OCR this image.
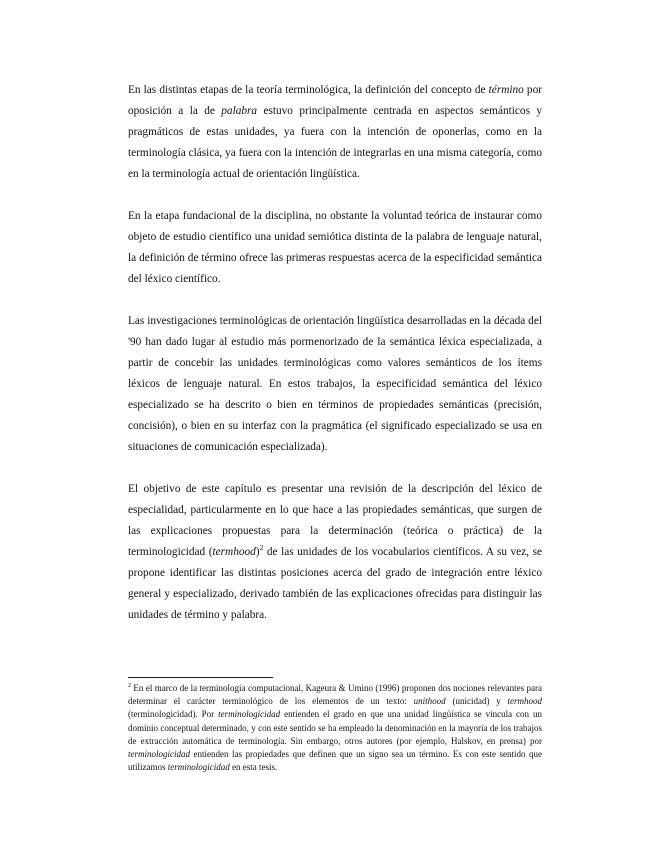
En las distintas etapas de la teoría terminológica, la definición del concepto de término por oposición a la de palabra estuvo principalmente centrada en aspectos semánticos y pragmáticos de estas unidades, ya fuera con la intención de oponerlas, como en la terminología clásica, ya fuera con la intención de integrarlas en una misma categoría, como en la terminología actual de orientación lingüística.

En la etapa fundacional de la disciplina, no obstante la voluntad teórica de instaurar como objeto de estudio científico una unidad semiótica distinta de la palabra de lenguaje natural, la definición de término ofrece las primeras respuestas acerca de la especificidad semántica del léxico científico.

Las investigaciones terminológicas de orientación lingüística desarrolladas en la década del '90 han dado lugar al estudio más pormenorizado de la semántica léxica especializada, a partir de concebir las unidades terminológicas como valores semánticos de los ítems léxicos de lenguaje natural. En estos trabajos, la especificidad semántica del léxico especializado se ha descrito o bien en términos de propiedades semánticas (precisión, concisión), o bien en su interfaz con la pragmática (el significado especializado se usa en situaciones de comunicación especializada).

El objetivo de este capítulo es presentar una revisión de la descripción del léxico de especialidad, particularmente en lo que hace a las propiedades semánticas, que surgen de las explicaciones propuestas para la determinación (teórica o práctica) de la terminologicidad (termhood)$^2$ de las unidades de los vocabularios científicos. A su vez, se propone identificar las distintas posiciones acerca del grado de integración entre léxico general y especializado, derivado también de las explicaciones ofrecidas para distinguir las unidades de término y palabra.

$^2$ En el marco de la terminología computacional, Kageura & Umino (1996) proponen dos nociones relevantes para determinar el carácter terminológico de los elementos de un texto: unithood (unicidad) y termhood (terminologicidad). Por terminologicidad entienden el grado en que una unidad lingüística se vincula con un dominio conceptual determinado, y con este sentido se ha empleado la denominación en la mayoría de los trabajos de extracción automática de terminología. Sin embargo, otros autores (por ejemplo, Halskov, en prensa) por terminologicidad entienden las propiedades que definen que un signo sea un término. Es con este sentido que utilizamos terminologicidad en esta tesis.
